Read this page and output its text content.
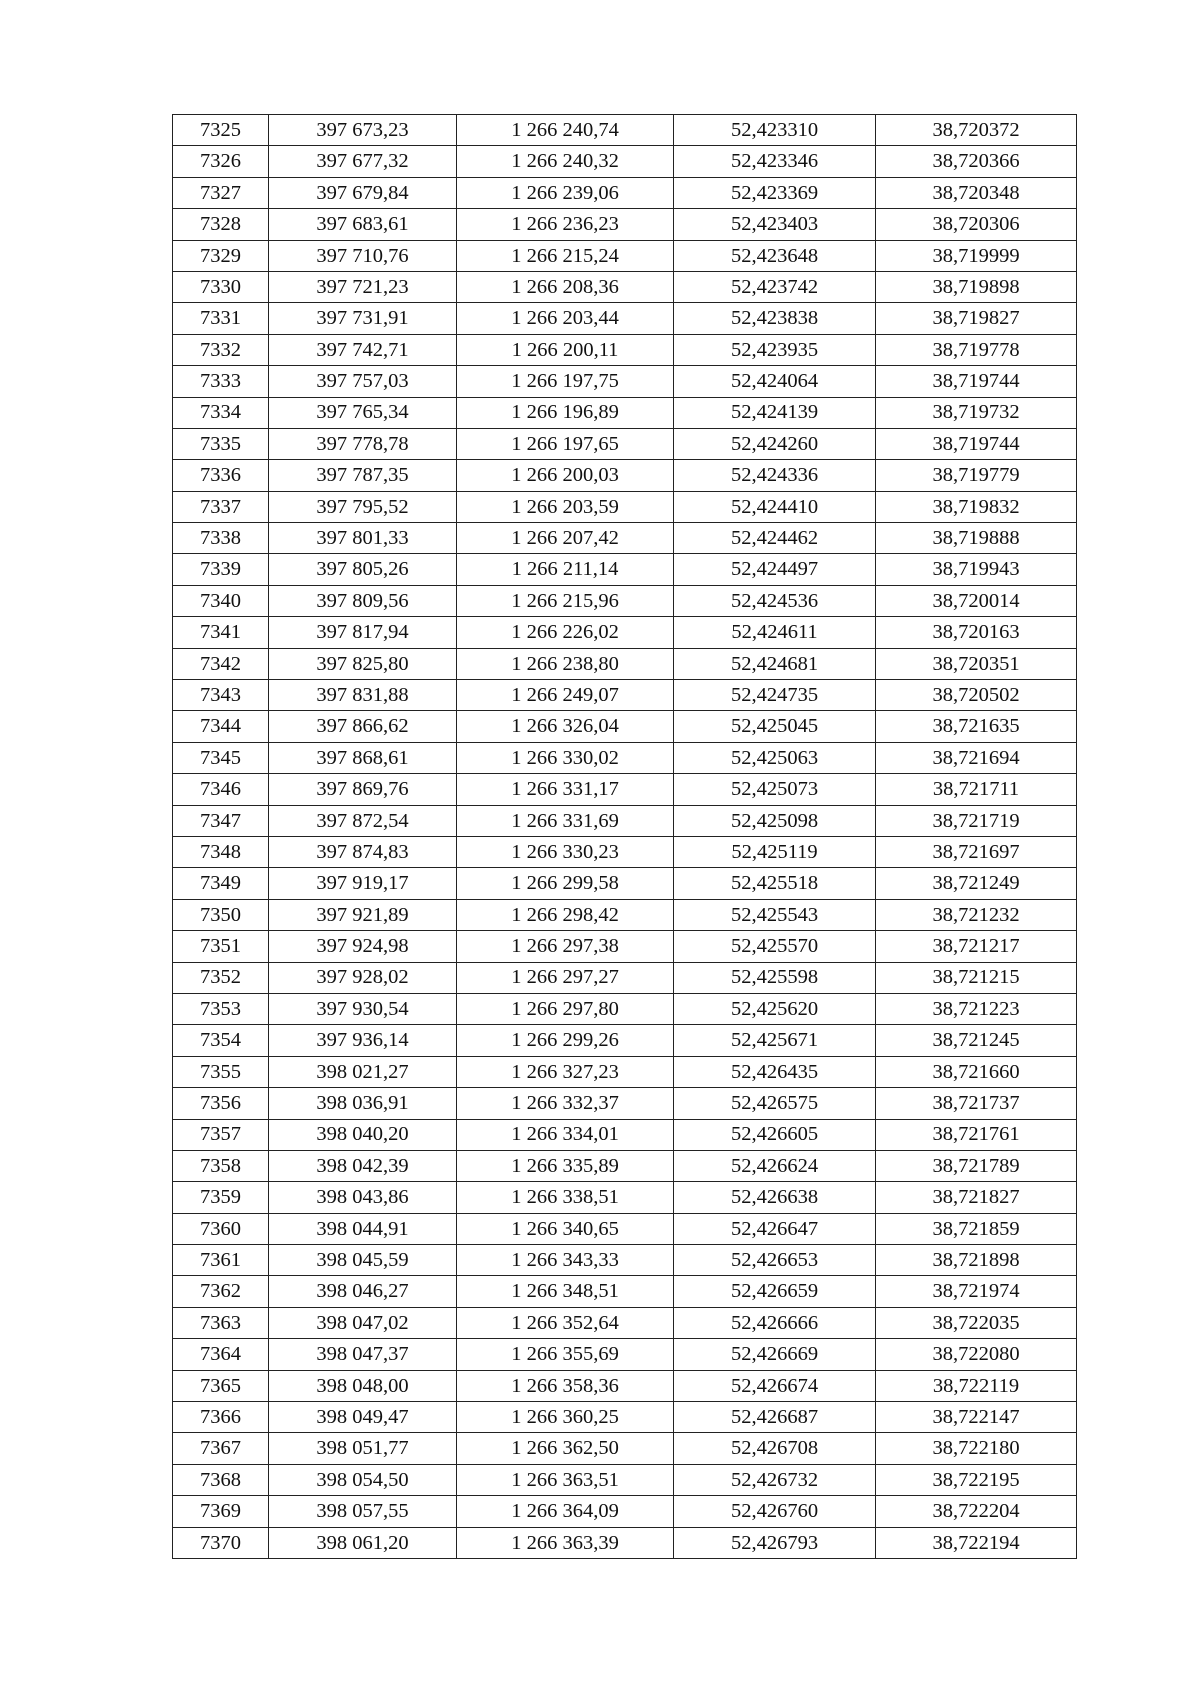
7325	397 673,23	1 266 240,74	52,423310	38,720372
7326	397 677,32	1 266 240,32	52,423346	38,720366
7327	397 679,84	1 266 239,06	52,423369	38,720348
7328	397 683,61	1 266 236,23	52,423403	38,720306
7329	397 710,76	1 266 215,24	52,423648	38,719999
7330	397 721,23	1 266 208,36	52,423742	38,719898
7331	397 731,91	1 266 203,44	52,423838	38,719827
7332	397 742,71	1 266 200,11	52,423935	38,719778
7333	397 757,03	1 266 197,75	52,424064	38,719744
7334	397 765,34	1 266 196,89	52,424139	38,719732
7335	397 778,78	1 266 197,65	52,424260	38,719744
7336	397 787,35	1 266 200,03	52,424336	38,719779
7337	397 795,52	1 266 203,59	52,424410	38,719832
7338	397 801,33	1 266 207,42	52,424462	38,719888
7339	397 805,26	1 266 211,14	52,424497	38,719943
7340	397 809,56	1 266 215,96	52,424536	38,720014
7341	397 817,94	1 266 226,02	52,424611	38,720163
7342	397 825,80	1 266 238,80	52,424681	38,720351
7343	397 831,88	1 266 249,07	52,424735	38,720502
7344	397 866,62	1 266 326,04	52,425045	38,721635
7345	397 868,61	1 266 330,02	52,425063	38,721694
7346	397 869,76	1 266 331,17	52,425073	38,721711
7347	397 872,54	1 266 331,69	52,425098	38,721719
7348	397 874,83	1 266 330,23	52,425119	38,721697
7349	397 919,17	1 266 299,58	52,425518	38,721249
7350	397 921,89	1 266 298,42	52,425543	38,721232
7351	397 924,98	1 266 297,38	52,425570	38,721217
7352	397 928,02	1 266 297,27	52,425598	38,721215
7353	397 930,54	1 266 297,80	52,425620	38,721223
7354	397 936,14	1 266 299,26	52,425671	38,721245
7355	398 021,27	1 266 327,23	52,426435	38,721660
7356	398 036,91	1 266 332,37	52,426575	38,721737
7357	398 040,20	1 266 334,01	52,426605	38,721761
7358	398 042,39	1 266 335,89	52,426624	38,721789
7359	398 043,86	1 266 338,51	52,426638	38,721827
7360	398 044,91	1 266 340,65	52,426647	38,721859
7361	398 045,59	1 266 343,33	52,426653	38,721898
7362	398 046,27	1 266 348,51	52,426659	38,721974
7363	398 047,02	1 266 352,64	52,426666	38,722035
7364	398 047,37	1 266 355,69	52,426669	38,722080
7365	398 048,00	1 266 358,36	52,426674	38,722119
7366	398 049,47	1 266 360,25	52,426687	38,722147
7367	398 051,77	1 266 362,50	52,426708	38,722180
7368	398 054,50	1 266 363,51	52,426732	38,722195
7369	398 057,55	1 266 364,09	52,426760	38,722204
7370	398 061,20	1 266 363,39	52,426793	38,722194
